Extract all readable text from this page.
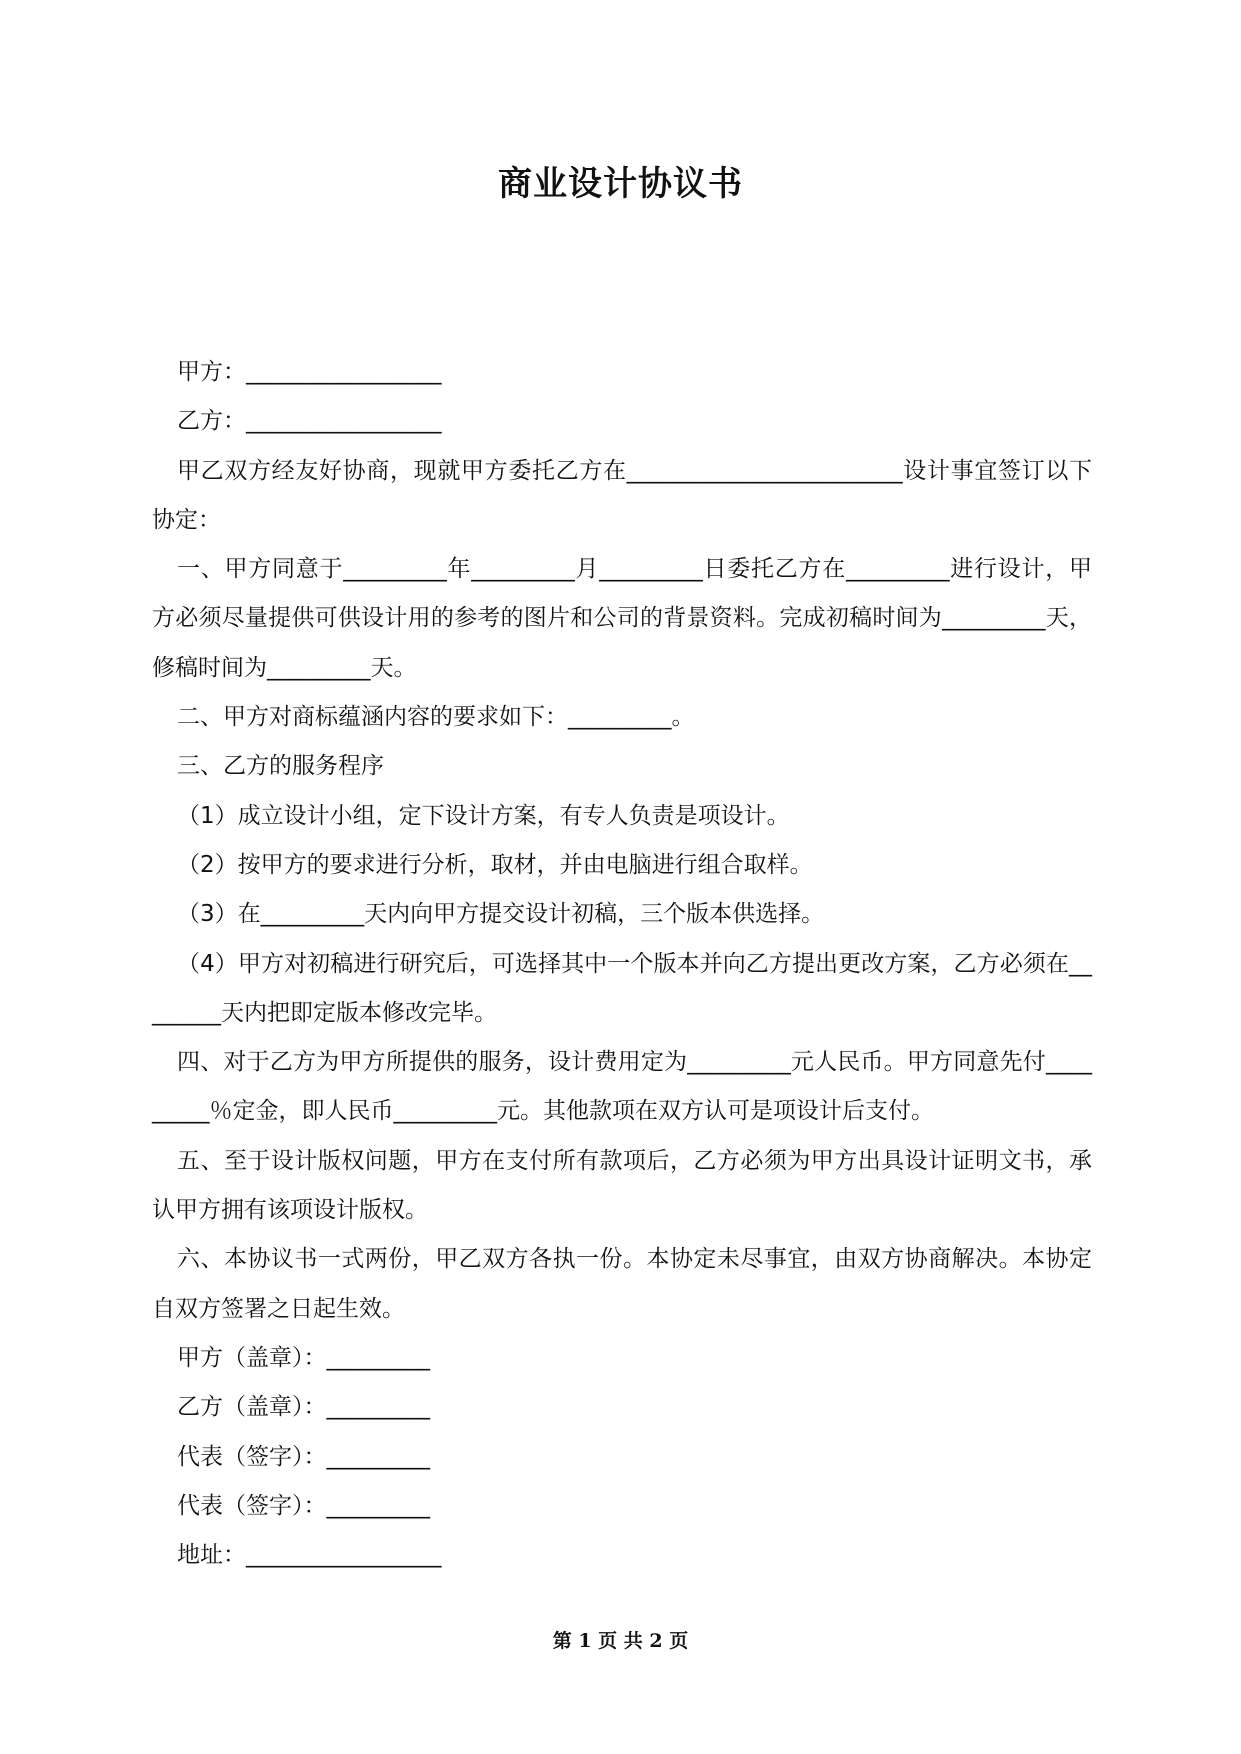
商业设计协议书

甲方：_________________

乙方：_________________

甲乙双方经友好协商，现就甲方委托乙方在________________________设计事宜签订以下协定：

一、甲方同意于_________年_________月_________日委托乙方在_________进行设计，甲方必须尽量提供可供设计用的参考的图片和公司的背景资料。完成初稿时间为_________天，修稿时间为_________天。

二、甲方对商标蕴涵内容的要求如下：_________。

三、乙方的服务程序

（1）成立设计小组，定下设计方案，有专人负责是项设计。

（2）按甲方的要求进行分析，取材，并由电脑进行组合取样。

（3）在_________天内向甲方提交设计初稿，三个版本供选择。

（4）甲方对初稿进行研究后，可选择其中一个版本并向乙方提出更改方案，乙方必须在________天内把即定版本修改完毕。

四、对于乙方为甲方所提供的服务，设计费用定为_________元人民币。甲方同意先付_________％定金，即人民币_________元。其他款项在双方认可是项设计后支付。

五、至于设计版权问题，甲方在支付所有款项后，乙方必须为甲方出具设计证明文书，承认甲方拥有该项设计版权。

六、本协议书一式两份，甲乙双方各执一份。本协定未尽事宜，由双方协商解决。本协定自双方签署之日起生效。

甲方（盖章）：_________

乙方（盖章）：_________

代表（签字）：_________

代表（签字）：_________

地址：_________________

第 1 页 共 2 页
